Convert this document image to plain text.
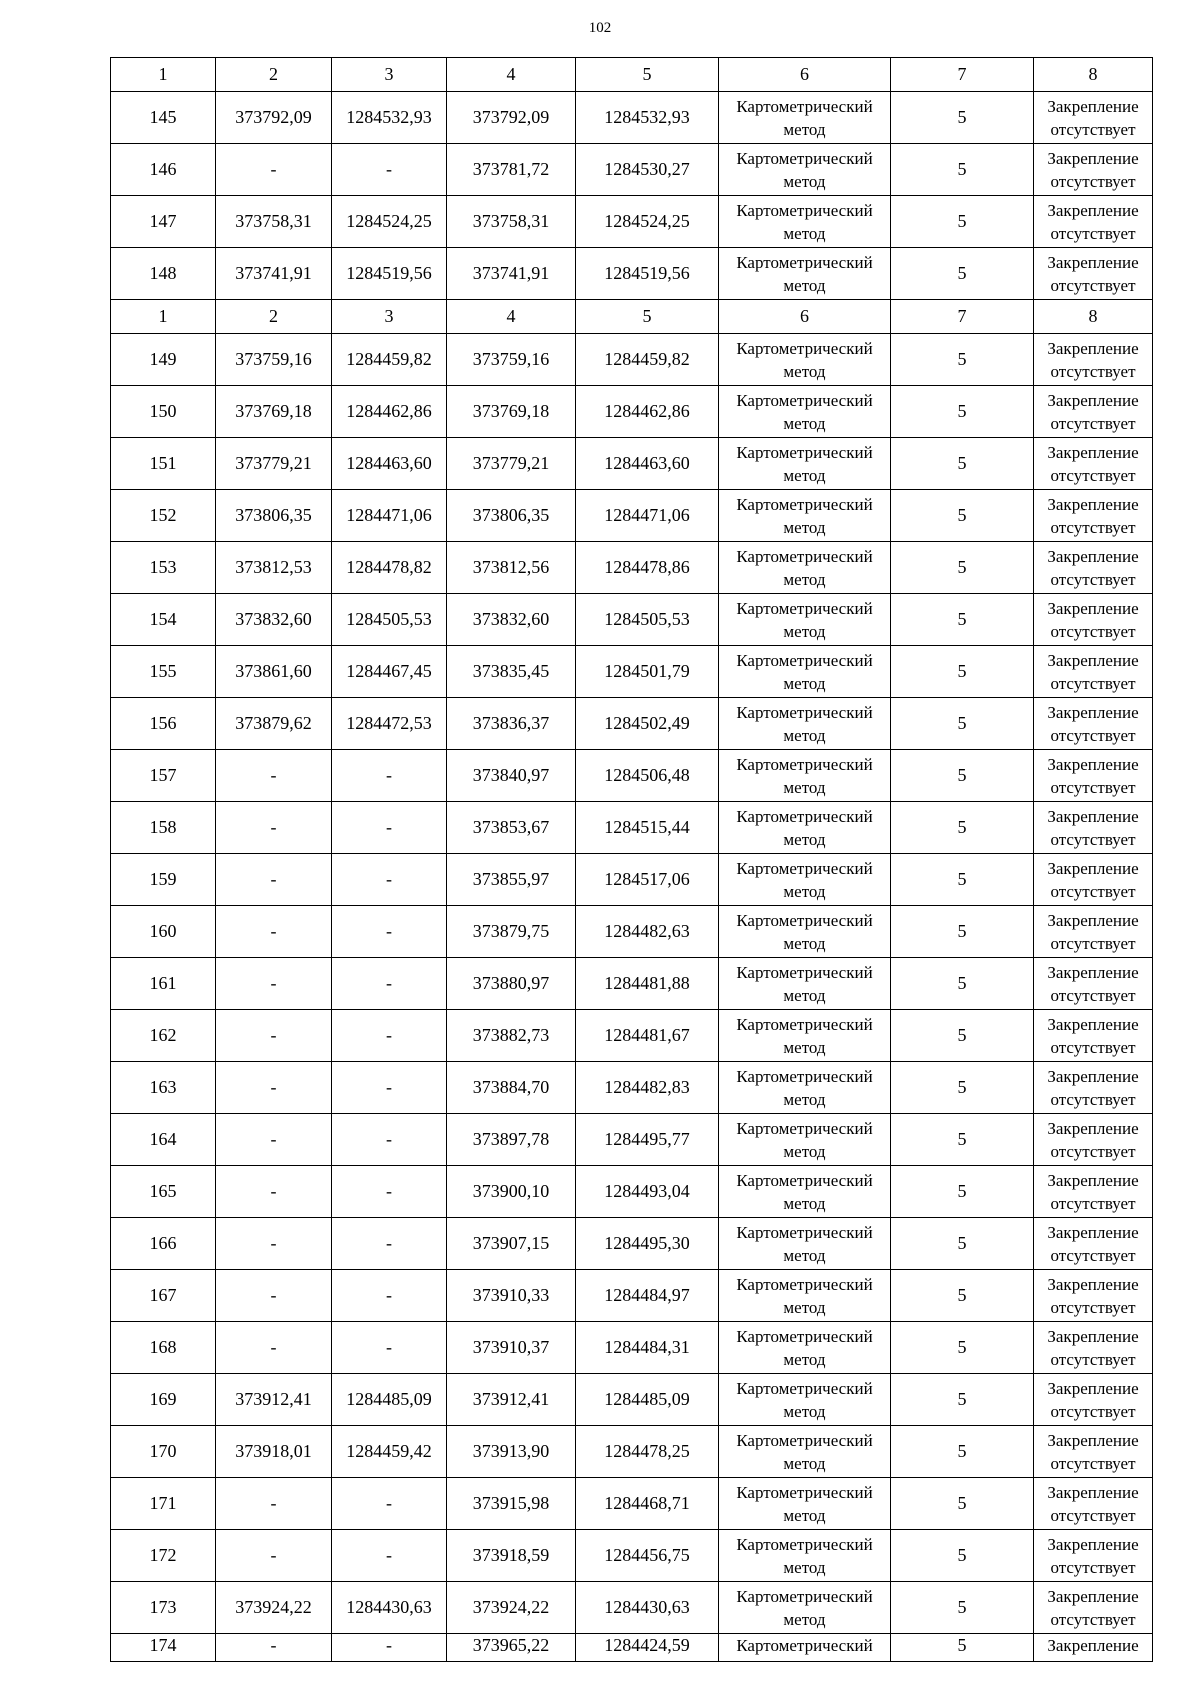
102
1	2	3	4	5	6	7	8
145	373792,09	1284532,93	373792,09	1284532,93	Картометрический
метод	5	Закрепление
отсутствует

146	-	-	373781,72	1284530,27	Картометрический
метод	5	Закрепление
отсутствует

147	373758,31	1284524,25	373758,31	1284524,25	Картометрический
метод	5	Закрепление
отсутствует

148	373741,91	1284519,56	373741,91	1284519,56	Картометрический
метод	5	Закрепление
отсутствует

1	2	3	4	5	6	7	8
149	373759,16	1284459,82	373759,16	1284459,82	Картометрический
метод	5	Закрепление
отсутствует

150	373769,18	1284462,86	373769,18	1284462,86	Картометрический
метод	5	Закрепление
отсутствует

151	373779,21	1284463,60	373779,21	1284463,60	Картометрический
метод	5	Закрепление
отсутствует

152	373806,35	1284471,06	373806,35	1284471,06	Картометрический
метод	5	Закрепление
отсутствует

153	373812,53	1284478,82	373812,56	1284478,86	Картометрический
метод	5	Закрепление
отсутствует

154	373832,60	1284505,53	373832,60	1284505,53	Картометрический
метод	5	Закрепление
отсутствует

155	373861,60	1284467,45	373835,45	1284501,79	Картометрический
метод	5	Закрепление
отсутствует

156	373879,62	1284472,53	373836,37	1284502,49	Картометрический
метод	5	Закрепление
отсутствует

157	-	-	373840,97	1284506,48	Картометрический
метод	5	Закрепление
отсутствует

158	-	-	373853,67	1284515,44	Картометрический
метод	5	Закрепление
отсутствует

159	-	-	373855,97	1284517,06	Картометрический
метод	5	Закрепление
отсутствует

160	-	-	373879,75	1284482,63	Картометрический
метод	5	Закрепление
отсутствует

161	-	-	373880,97	1284481,88	Картометрический
метод	5	Закрепление
отсутствует

162	-	-	373882,73	1284481,67	Картометрический
метод	5	Закрепление
отсутствует

163	-	-	373884,70	1284482,83	Картометрический
метод	5	Закрепление
отсутствует

164	-	-	373897,78	1284495,77	Картометрический
метод	5	Закрепление
отсутствует

165	-	-	373900,10	1284493,04	Картометрический
метод	5	Закрепление
отсутствует

166	-	-	373907,15	1284495,30	Картометрический
метод	5	Закрепление
отсутствует

167	-	-	373910,33	1284484,97	Картометрический
метод	5	Закрепление
отсутствует

168	-	-	373910,37	1284484,31	Картометрический
метод	5	Закрепление
отсутствует

169	373912,41	1284485,09	373912,41	1284485,09	Картометрический
метод	5	Закрепление
отсутствует

170	373918,01	1284459,42	373913,90	1284478,25	Картометрический
метод	5	Закрепление
отсутствует

171	-	-	373915,98	1284468,71	Картометрический
метод	5	Закрепление
отсутствует

172	-	-	373918,59	1284456,75	Картометрический
метод	5	Закрепление
отсутствует

173	373924,22	1284430,63	373924,22	1284430,63	Картометрический
метод	5	Закрепление
отсутствует

174	-	-	373965,22	1284424,59	Картометрический	5	Закрепление
